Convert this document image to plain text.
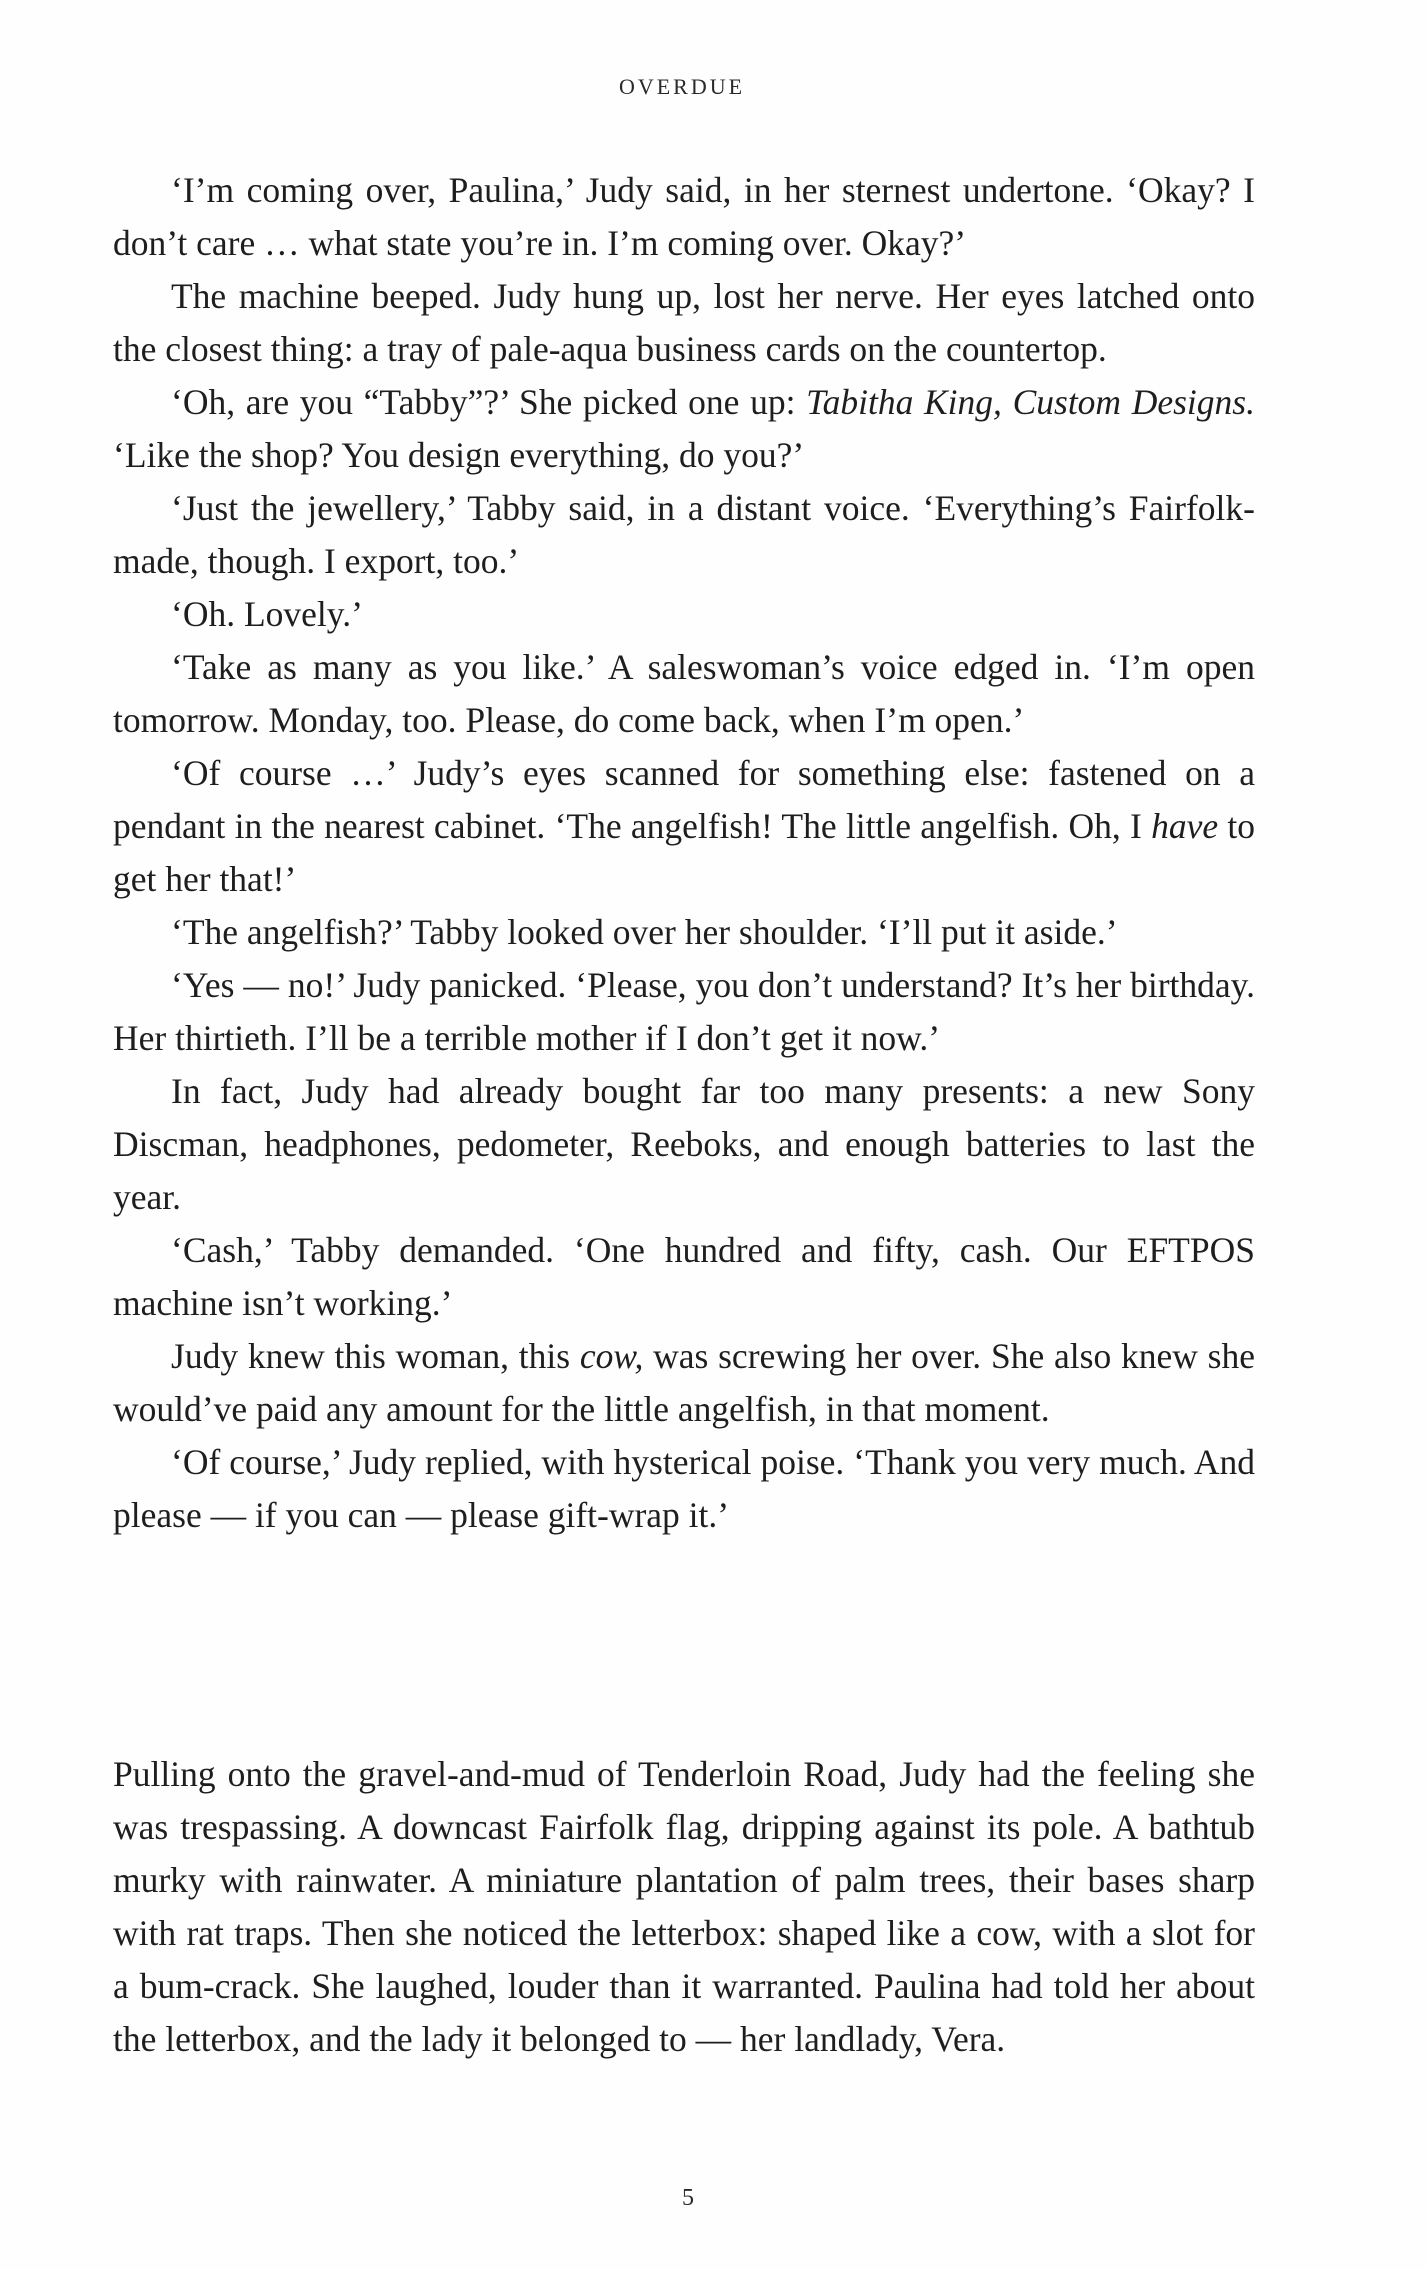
OVERDUE

‘I’m coming over, Paulina,’ Judy said, in her sternest undertone. ‘Okay? I don’t care … what state you’re in. I’m coming over. Okay?’

The machine beeped. Judy hung up, lost her nerve. Her eyes latched onto the closest thing: a tray of pale-aqua business cards on the countertop.

‘Oh, are you “Tabby”?’ She picked one up: Tabitha King, Custom Designs. ‘Like the shop? You design everything, do you?’

‘Just the jewellery,’ Tabby said, in a distant voice. ‘Everything’s Fairfolk-made, though. I export, too.’

‘Oh. Lovely.’

‘Take as many as you like.’ A saleswoman’s voice edged in. ‘I’m open tomorrow. Monday, too. Please, do come back, when I’m open.’

‘Of course …’ Judy’s eyes scanned for something else: fastened on a pendant in the nearest cabinet. ‘The angelfish! The little angelfish. Oh, I have to get her that!’

‘The angelfish?’ Tabby looked over her shoulder. ‘I’ll put it aside.’

‘Yes — no!’ Judy panicked. ‘Please, you don’t understand? It’s her birthday. Her thirtieth. I’ll be a terrible mother if I don’t get it now.’

In fact, Judy had already bought far too many presents: a new Sony Discman, headphones, pedometer, Reeboks, and enough batteries to last the year.

‘Cash,’ Tabby demanded. ‘One hundred and fifty, cash. Our EFTPOS machine isn’t working.’

Judy knew this woman, this cow, was screwing her over. She also knew she would’ve paid any amount for the little angelfish, in that moment.

‘Of course,’ Judy replied, with hysterical poise. ‘Thank you very much. And please — if you can — please gift-wrap it.’

Pulling onto the gravel-and-mud of Tenderloin Road, Judy had the feeling she was trespassing. A downcast Fairfolk flag, dripping against its pole. A bathtub murky with rainwater. A miniature plantation of palm trees, their bases sharp with rat traps. Then she noticed the letterbox: shaped like a cow, with a slot for a bum-crack. She laughed, louder than it warranted. Paulina had told her about the letterbox, and the lady it belonged to — her landlady, Vera.

5
